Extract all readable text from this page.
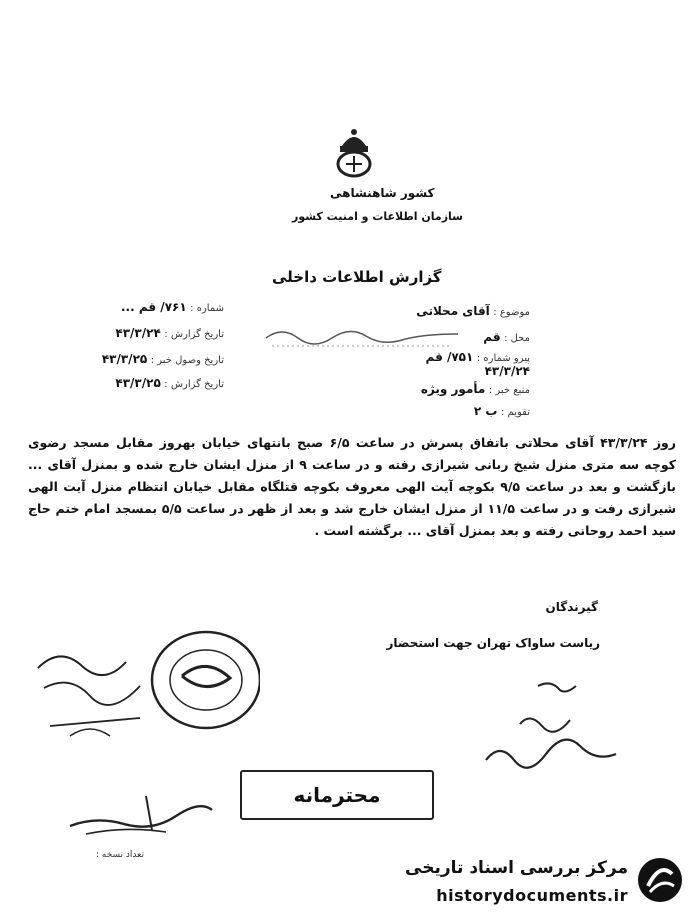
کشور شاهنشاهی
سازمان اطلاعات و امنیت کشور
گزارش اطلاعات داخلی
شماره : ۷۶۱/ قم ...
تاریخ گزارش : ۴۳/۳/۲۴
تاریخ وصول خبر : ۴۳/۳/۲۵
تاریخ گزارش : ۴۳/۳/۲۵
موضوع : آقای محلاتی
محل : قم
پیرو شماره : ۷۵۱/ قم
۴۳/۳/۲۴
منبع خبر : مأمور ویژه
تقویم : ب ۲
روز ۴۳/۳/۲۴ آقای محلاتی باتفاق پسرش در ساعت ۶/۵ صبح بانتهای خیابان بهروز مقابل مسجد رضوی کوچه سه متری منزل شیخ ربانی شیرازی رفته و در ساعت ۹ از منزل ایشان خارج شده و بمنزل آقای ... بازگشت و بعد در ساعت ۹/۵ بکوچه آیت الهی معروف بکوچه قتلگاه مقابل خیابان انتظام منزل آیت الهی شیرازی رفت و در ساعت ۱۱/۵ از منزل ایشان خارج شد و بعد از ظهر در ساعت ۵/۵ بمسجد امام ختم حاج سید احمد روحانی رفته و بعد بمنزل آقای ... برگشته است .
گیرندگان
ریاست ساواک تهران جهت استحضار
محترمانه
تعداد نسخه :
مرکز بررسی اسناد تاریخی
historydocuments.ir
